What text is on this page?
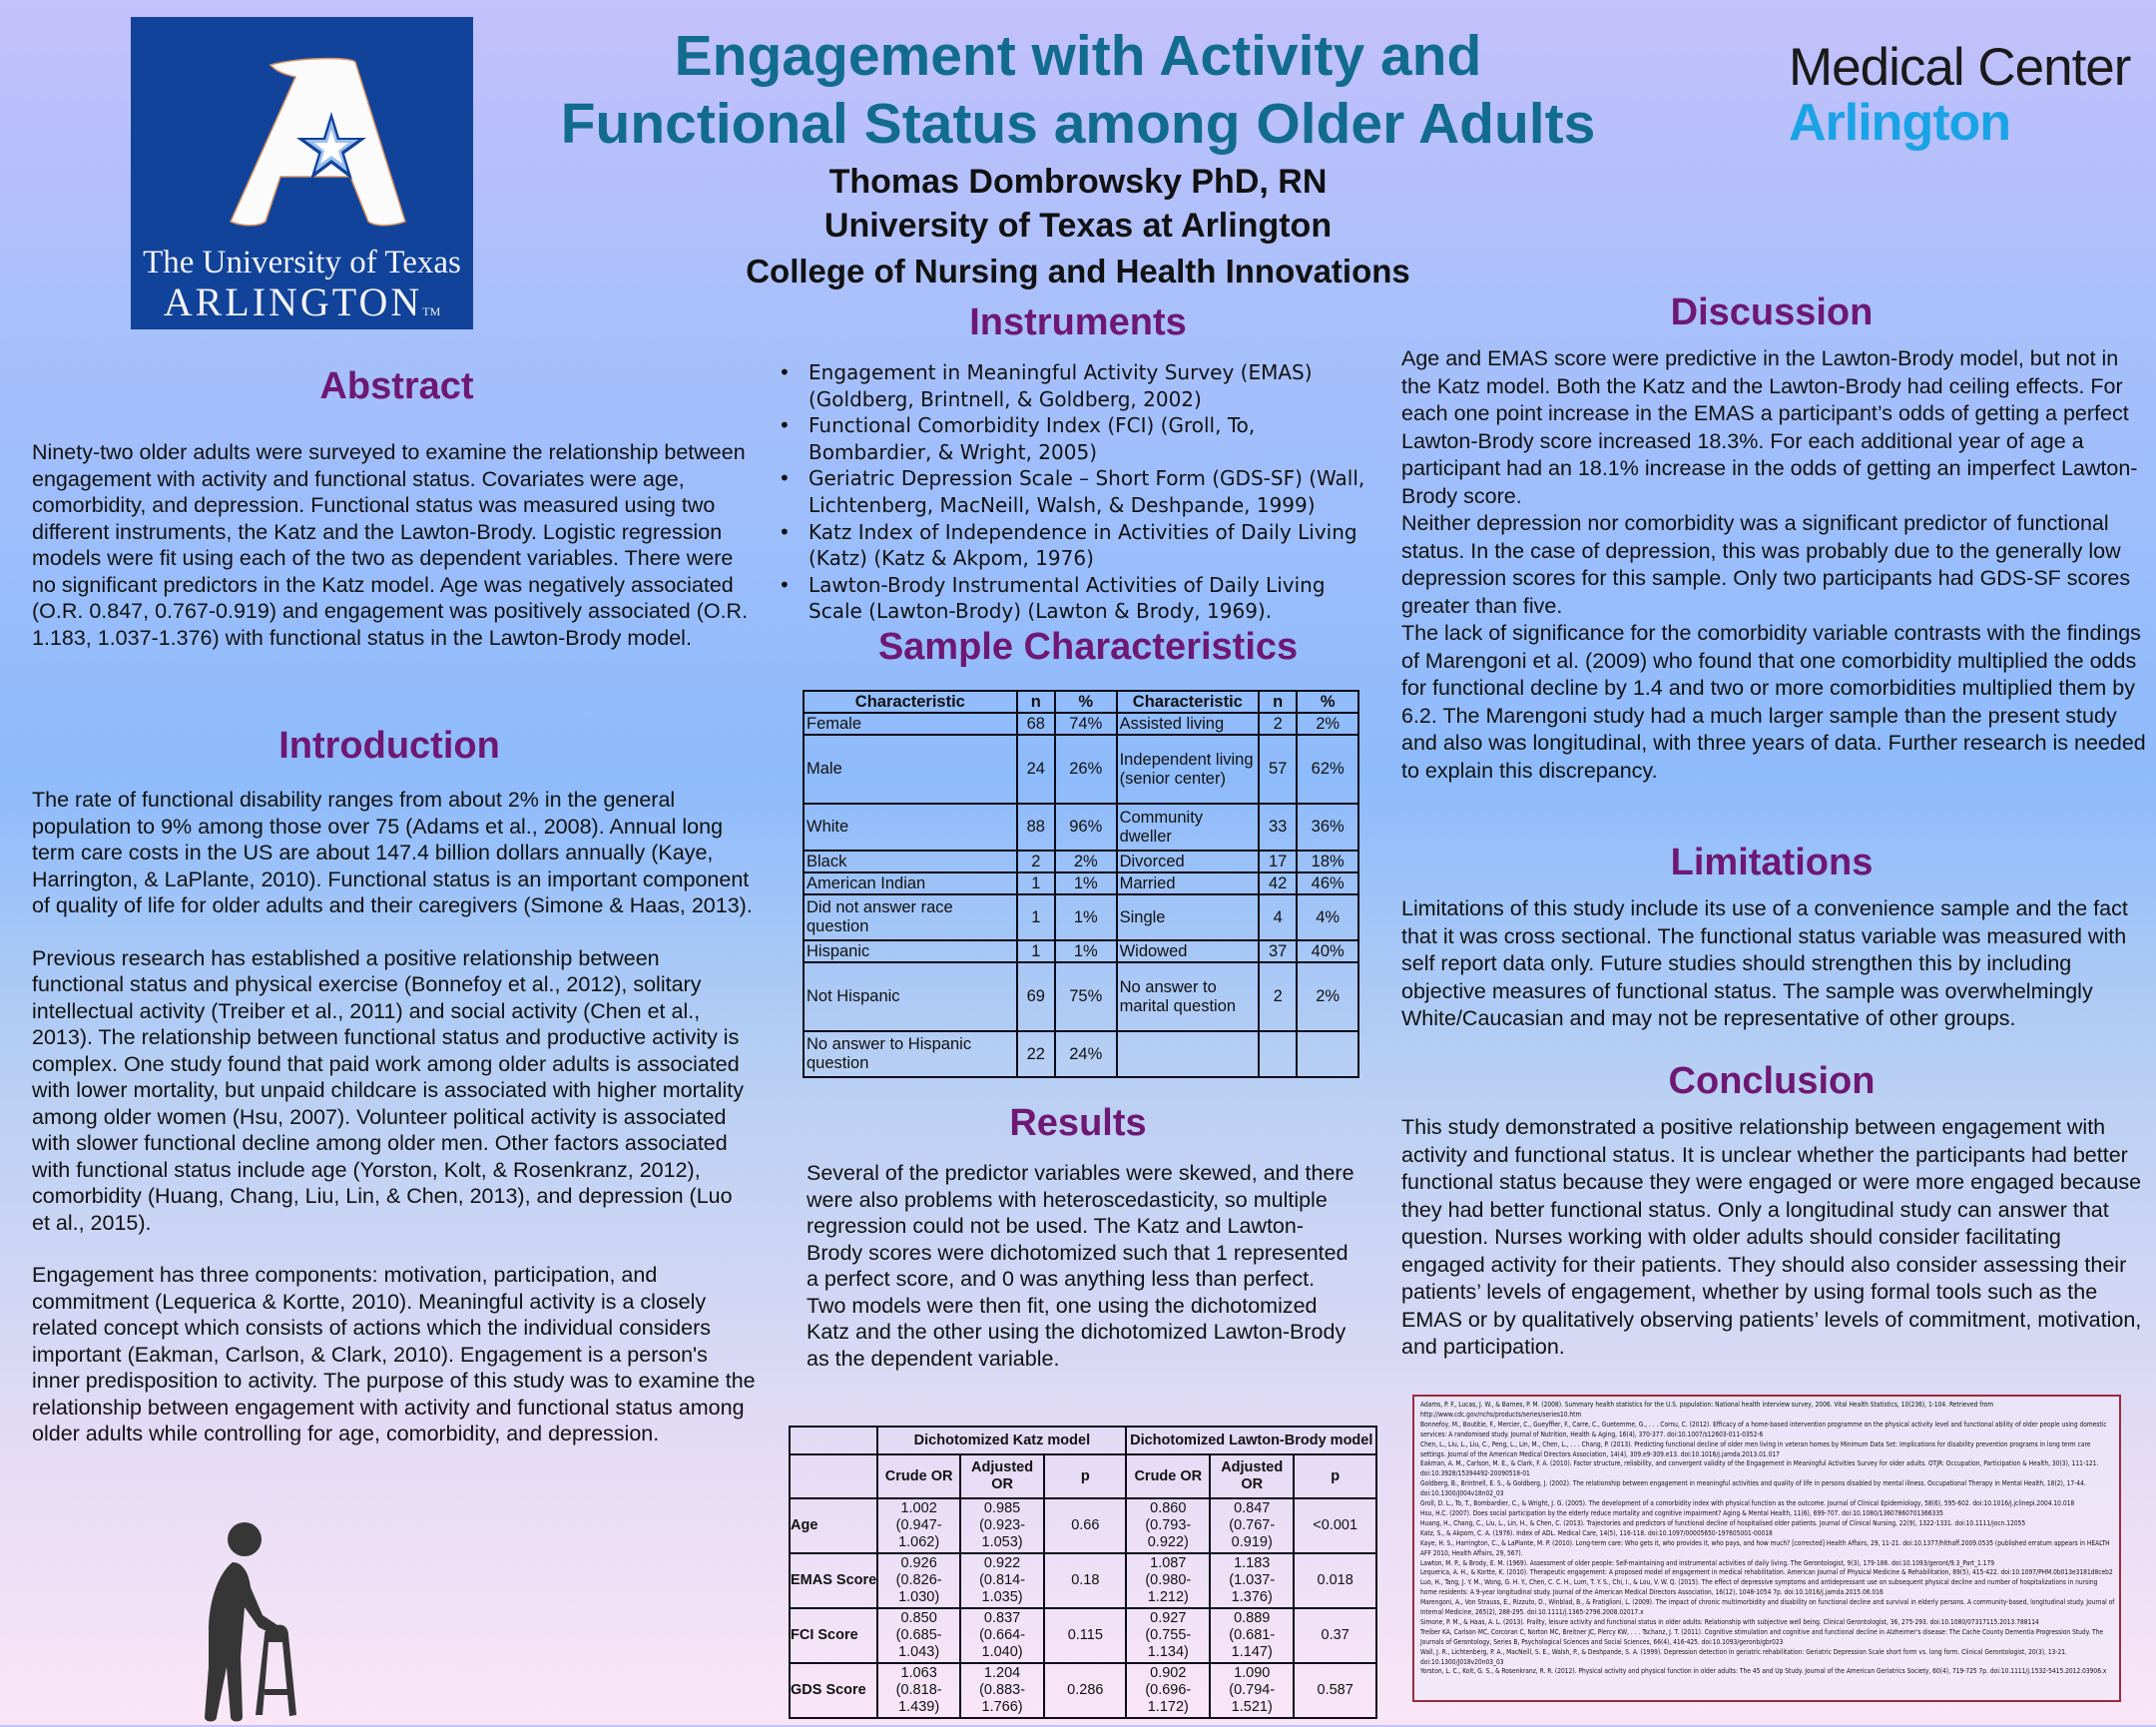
The University of Texas
ARLINGTONTM
Engagement with Activity and
Functional Status among Older Adults
Thomas Dombrowsky PhD, RN
University of Texas at Arlington
College of Nursing and Health Innovations
Medical Center
Arlington
Abstract
Ninety-two older adults were surveyed to examine the relationship between engagement with activity and functional status. Covariates were age, comorbidity, and depression. Functional status was measured using two different instruments, the Katz and the Lawton-Brody. Logistic regression models were fit using each of the two as dependent variables. There were no significant predictors in the Katz model. Age was negatively associated (O.R. 0.847, 0.767-0.919) and engagement was positively associated (O.R. 1.183, 1.037-1.376) with functional status in the Lawton-Brody model.
Introduction

The rate of functional disability ranges from about 2% in the general population to 9% among those over 75 (Adams et al., 2008). Annual long term care costs in the US are about 147.4 billion dollars annually (Kaye, Harrington, & LaPlante, 2010). Functional status is an important component of quality of life for older adults and their caregivers (Simone & Haas, 2013).

Previous research has established a positive relationship between functional status and physical exercise (Bonnefoy et al., 2012), solitary intellectual activity (Treiber et al., 2011) and social activity (Chen et al., 2013). The relationship between functional status and productive activity is complex. One study found that paid work among older adults is associated with lower mortality, but unpaid childcare is associated with higher mortality among older women (Hsu, 2007). Volunteer political activity is associated with slower functional decline among older men. Other factors associated with functional status include age (Yorston, Kolt, & Rosenkranz, 2012), comorbidity (Huang, Chang, Liu, Lin, & Chen, 2013), and depression (Luo et al., 2015).

Engagement has three components: motivation, participation, and commitment (Lequerica & Kortte, 2010). Meaningful activity is a closely related concept which consists of actions which the individual considers important (Eakman, Carlson, & Clark, 2010). Engagement is a person's inner predisposition to activity. The purpose of this study was to examine the relationship between engagement with activity and functional status among older adults while controlling for age, comorbidity, and depression.

Instruments
• Engagement in Meaningful Activity Survey (EMAS) (Goldberg, Brintnell, & Goldberg, 2002)
• Functional Comorbidity Index (FCI) (Groll, To, Bombardier, & Wright, 2005)
• Geriatric Depression Scale – Short Form (GDS-SF) (Wall, Lichtenberg, MacNeill, Walsh, & Deshpande, 1999)
• Katz Index of Independence in Activities of Daily Living (Katz) (Katz & Akpom, 1976)
• Lawton-Brody Instrumental Activities of Daily Living Scale (Lawton-Brody) (Lawton & Brody, 1969).
Sample Characteristics
Characteristic	n	%	Characteristic	n	%
Female	68	74%	Assisted living	2	2%
Male	24	26%	Independent living (senior center)	57	62%
White	88	96%	Community dweller	33	36%
Black	2	2%	Divorced	17	18%
American Indian	1	1%	Married	42	46%
Did not answer race question	1	1%	Single	4	4%
Hispanic	1	1%	Widowed	37	40%
Not Hispanic	69	75%	No answer to marital question	2	2%
No answer to Hispanic question	22	24%			
Results
Several of the predictor variables were skewed, and there were also problems with heteroscedasticity, so multiple regression could not be used. The Katz and Lawton-Brody scores were dichotomized such that 1 represented a perfect score, and 0 was anything less than perfect. Two models were then fit, one using the dichotomized Katz and the other using the dichotomized Lawton-Brody as the dependent variable.
	Dichotomized Katz model			Dichotomized Lawton-Brody model		
	Crude OR	Adjusted OR	p	Crude OR	Adjusted OR	p
Age	1.002 (0.947-1.062)	0.985 (0.923-1.053)	0.66	0.860 (0.793-0.922)	0.847 (0.767-0.919)	<0.001
EMAS Score	0.926 (0.826-1.030)	0.922 (0.814-1.035)	0.18	1.087 (0.980-1.212)	1.183 (1.037-1.376)	0.018
FCI Score	0.850 (0.685-1.043)	0.837 (0.664-1.040)	0.115	0.927 (0.755-1.134)	0.889 (0.681-1.147)	0.37
GDS Score	1.063 (0.818-1.439)	1.204 (0.883-1.766)	0.286	0.902 (0.696-1.172)	1.090 (0.794-1.521)	0.587
Discussion

Age and EMAS score were predictive in the Lawton-Brody model, but not in the Katz model. Both the Katz and the Lawton-Brody had ceiling effects. For each one point increase in the EMAS a participant’s odds of getting a perfect Lawton-Brody score increased 18.3%. For each additional year of age a participant had an 18.1% increase in the odds of getting an imperfect Lawton-Brody score.

Neither depression nor comorbidity was a significant predictor of functional status. In the case of depression, this was probably due to the generally low depression scores for this sample. Only two participants had GDS-SF scores greater than five.

The lack of significance for the comorbidity variable contrasts with the findings of Marengoni et al. (2009) who found that one comorbidity multiplied the odds for functional decline by 1.4 and two or more comorbidities multiplied them by 6.2. The Marengoni study had a much larger sample than the present study and also was longitudinal, with three years of data. Further research is needed to explain this discrepancy.

Limitations
Limitations of this study include its use of a convenience sample and the fact that it was cross sectional. The functional status variable was measured with self report data only. Future studies should strengthen this by including objective measures of functional status. The sample was overwhelmingly White/Caucasian and may not be representative of other groups.
Conclusion
This study demonstrated a positive relationship between engagement with activity and functional status. It is unclear whether the participants had better functional status because they were engaged or were more engaged because they had better functional status. Only a longitudinal study can answer that question. Nurses working with older adults should consider facilitating engaged activity for their patients. They should also consider assessing their patients’ levels of engagement, whether by using formal tools such as the EMAS or by qualitatively observing patients’ levels of commitment, motivation, and participation.

Adams, P. F., Lucas, J. W., & Barnes, P. M. (2008). Summary health statistics for the U.S. population: National health interview survey, 2006. Vital Health Statistics, 10(236), 1-104. Retrieved from http://www.cdc.gov/nchs/products/series/series10.htm

Bonnefoy, M., Boutitie, F., Mercier, C., Gueyffier, F., Carre, C., Guetemme, G., . . . Cornu, C. (2012). Efficacy of a home-based intervention programme on the physical activity level and functional ability of older people using domestic services: A randomised study. Journal of Nutrition, Health & Aging, 16(4), 370-377. doi:10.1007/s12603-011-0352-6

Chen, L., Liu, L., Liu, C., Peng, L., Lin, M., Chen, L., . . . Chang, P. (2013). Predicting functional decline of older men living in veteran homes by Minimum Data Set: Implications for disability prevention programs in long term care settings. Journal of the American Medical Directors Association, 14(4), 309.e9-309.e13. doi:10.1016/j.jamda.2013.01.017

Eakman, A. M., Carlson, M. E., & Clark, F. A. (2010). Factor structure, reliability, and convergent validity of the Engagement in Meaningful Activities Survey for older adults. OTJR: Occupation, Participation & Health, 30(3), 111-121. doi:10.3928/15394492-20090518-01

Goldberg, B., Brintnell, E. S., & Goldberg, J. (2002). The relationship between engagement in meaningful activities and quality of life in persons disabled by mental illness. Occupational Therapy in Mental Health, 18(2), 17-44. doi:10.1300/J004v18n02_03

Groll, D. L., To, T., Bombardier, C., & Wright, J. G. (2005). The development of a comorbidity index with physical function as the outcome. Journal of Clinical Epidemiology, 58(6), 595-602. doi:10.1016/j.jclinepi.2004.10.018

Hsu, H.C. (2007). Does social participation by the elderly reduce mortality and cognitive impairment? Aging & Mental Health, 11(6), 699-707. doi:10.1080/13607860701366335

Huang, H., Chang, C., Liu, L., Lin, H., & Chen, C. (2013). Trajectories and predictors of functional decline of hospitalised older patients. Journal of Clinical Nursing, 22(9), 1322-1331. doi:10.1111/jocn.12055

Katz, S., & Akpom, C. A. (1976). Index of ADL. Medical Care, 14(5), 116-118. doi:10.1097/00005650-197605001-00018

Kaye, H. S., Harrington, C., & LaPlante, M. P. (2010). Long-term care: Who gets it, who provides it, who pays, and how much? [corrected] Health Affairs, 29, 11-21. doi:10.1377/hlthaff.2009.0535 (published erratum appears in HEALTH AFF 2010, Health Affairs, 29, 567).

Lawton, M. P., & Brody, E. M. (1969). Assessment of older people: Self-maintaining and instrumental activities of daily living. The Gerontologist, 9(3), 179-186. doi:10.1093/geront/9.3_Part_1.179

Lequerica, A. H., & Kortte, K. (2010). Therapeutic engagement: A proposed model of engagement in medical rehabilitation. American Journal of Physical Medicine & Rehabilitation, 89(5), 415-422. doi:10.1097/PHM.0b013e3181d8ceb2

Luo, H., Tang, J. Y. M., Wong, G. H. Y., Chen, C. C. H., Lum, T. Y. S., Chi, I., & Lou, V. W. Q. (2015). The effect of depressive symptoms and antidepressant use on subsequent physical decline and number of hospitalizations in nursing home residents: A 9-year longitudinal study. Journal of the American Medical Directors Association, 16(12), 1048-1054 7p. doi:10.1016/j.jamda.2015.06.016

Marengoni, A., Von Strauss, E., Rizzuto, D., Winblad, B., & Fratiglioni, L. (2009). The impact of chronic multimorbidity and disability on functional decline and survival in elderly persons. A community-based, longitudinal study. Journal of Internal Medicine, 265(2), 288-295. doi:10.1111/j.1365-2796.2008.02017.x

Simone, P. M., & Haas, A. L. (2013). Frailty, leisure activity and functional status in older adults: Relationship with subjective well being. Clinical Gerontologist, 36, 275-293. doi:10.1080/07317115.2013.788114

Treiber KA, Carlson MC, Corcoran C, Norton MC, Breitner JC, Piercy KW, . . . Tschanz, J. T. (2011). Cognitive stimulation and cognitive and functional decline in Alzheimer's disease: The Cache County Dementia Progression Study. The Journals of Gerontology, Series B, Psychological Sciences and Social Sciences, 66(4), 416-425. doi:10.1093/geronb/gbr023

Wall, J. R., Lichtenberg, P. A., MacNeill, S. E., Walsh, P., & Deshpande, S. A. (1999). Depression detection in geriatric rehabilitation: Geriatric Depression Scale short form vs. long form. Clinical Gerontologist, 20(3), 13-21. doi:10.1300/J018v20n03_03

Yorston, L. C., Kolt, G. S., & Rosenkranz, R. R. (2012). Physical activity and physical function in older adults: The 45 and Up Study. Journal of the American Geriatrics Society, 60(4), 719-725 7p. doi:10.1111/j.1532-5415.2012.03906.x
